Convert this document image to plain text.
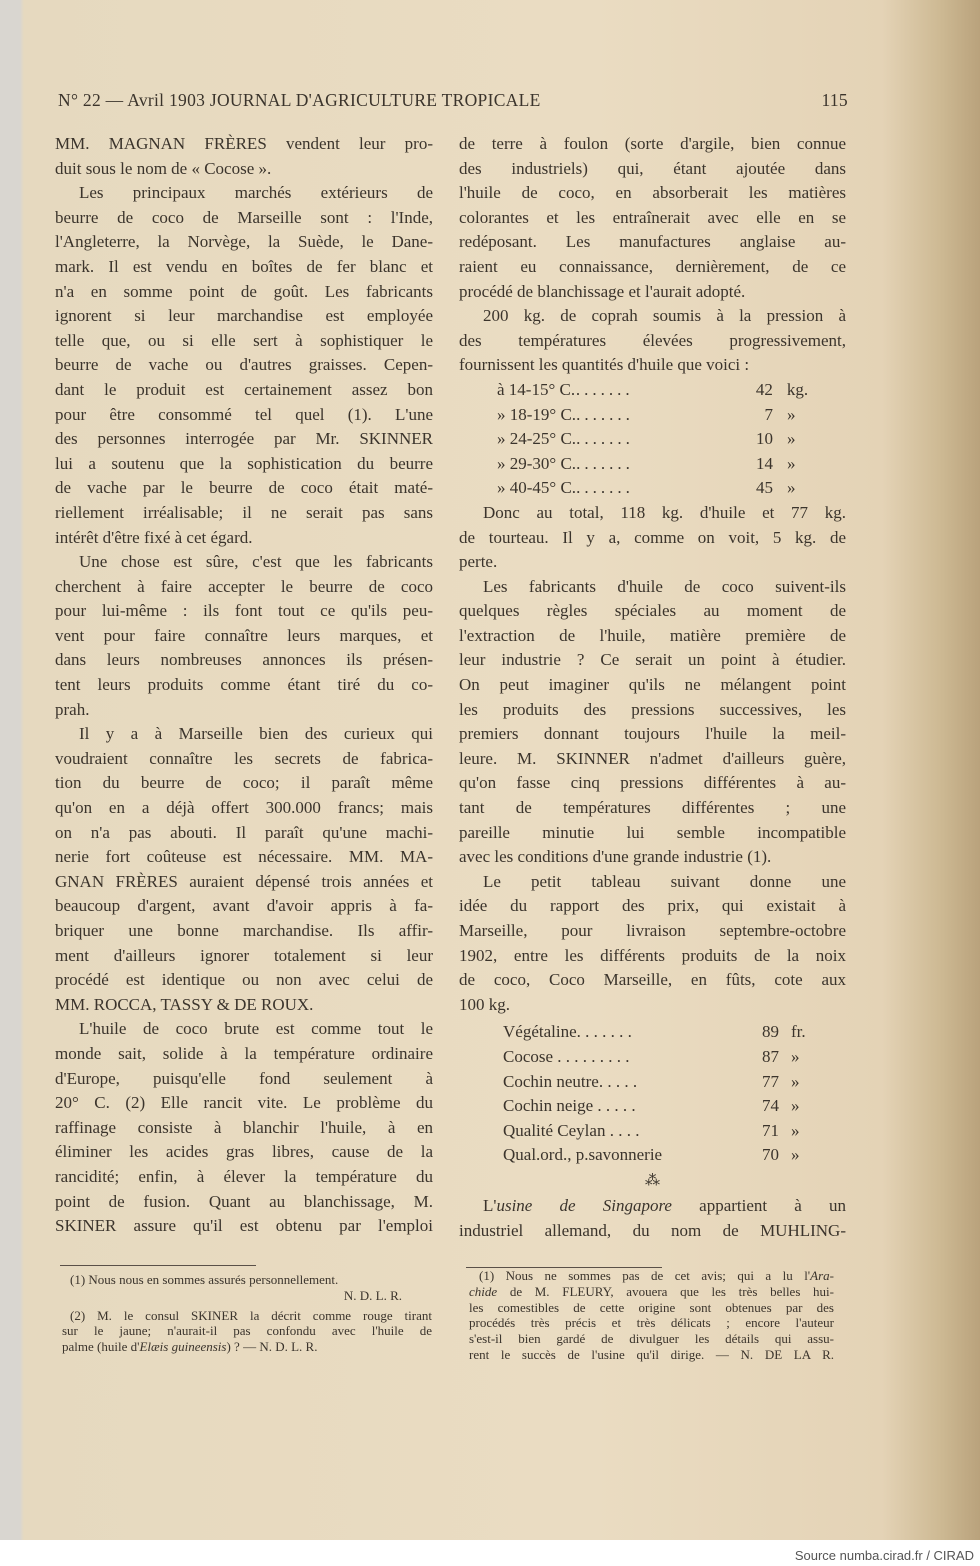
N° 22 — Avril 1903 JOURNAL D'AGRICULTURE TROPICALE	115
MM. MAGNAN FRÈRES vendent leur pro-
duit sous le nom de « Cocose ».
Les principaux marchés extérieurs de
beurre de coco de Marseille sont : l'Inde,
l'Angleterre, la Norvège, la Suède, le Dane-
mark. Il est vendu en boîtes de fer blanc et
n'a en somme point de goût. Les fabricants
ignorent si leur marchandise est employée
telle que, ou si elle sert à sophistiquer le
beurre de vache ou d'autres graisses. Cepen-
dant le produit est certainement assez bon
pour être consommé tel quel (1). L'une
des personnes interrogée par Mr. SKINNER
lui a soutenu que la sophistication du beurre
de vache par le beurre de coco était maté-
riellement irréalisable; il ne serait pas sans
intérêt d'être fixé à cet égard.
Une chose est sûre, c'est que les fabricants
cherchent à faire accepter le beurre de coco
pour lui-même : ils font tout ce qu'ils peu-
vent pour faire connaître leurs marques, et
dans leurs nombreuses annonces ils présen-
tent leurs produits comme étant tiré du co-
prah.
Il y a à Marseille bien des curieux qui
voudraient connaître les secrets de fabrica-
tion du beurre de coco; il paraît même
qu'on en a déjà offert 300.000 francs; mais
on n'a pas abouti. Il paraît qu'une machi-
nerie fort coûteuse est nécessaire. MM. MA-
GNAN FRÈRES auraient dépensé trois années et
beaucoup d'argent, avant d'avoir appris à fa-
briquer une bonne marchandise. Ils affir-
ment d'ailleurs ignorer totalement si leur
procédé est identique ou non avec celui de
MM. ROCCA, TASSY & DE ROUX.
L'huile de coco brute est comme tout le
monde sait, solide à la température ordinaire
d'Europe, puisqu'elle fond seulement à
20° C. (2) Elle rancit vite. Le problème du
raffinage consiste à blanchir l'huile, à en
éliminer les acides gras libres, cause de la
rancidité; enfin, à élever la température du
point de fusion. Quant au blanchissage, M.
SKINER assure qu'il est obtenu par l'emploi
de terre à foulon (sorte d'argile, bien connue
des industriels) qui, étant ajoutée dans
l'huile de coco, en absorberait les matières
colorantes et les entraînerait avec elle en se
redéposant. Les manufactures anglaise au-
raient eu connaissance, dernièrement, de ce
procédé de blanchissage et l'aurait adopté.
200 kg. de coprah soumis à la pression à
des températures élevées progressivement,
fournissent les quantités d'huile que voici :
à 14-15° C. .......	42 kg.
» 18-19° C. .......	7 »
» 24-25° C. .......	10 »
» 29-30° C. .......	14 »
» 40-45° C. .......	45 »
Donc au total, 118 kg. d'huile et 77 kg.
de tourteau. Il y a, comme on voit, 5 kg. de
perte.
Les fabricants d'huile de coco suivent-ils
quelques règles spéciales au moment de
l'extraction de l'huile, matière première de
leur industrie ? Ce serait un point à étudier.
On peut imaginer qu'ils ne mélangent point
les produits des pressions successives, les
premiers donnant toujours l'huile la meil-
leure. M. SKINNER n'admet d'ailleurs guère,
qu'on fasse cinq pressions différentes à au-
tant de températures différentes ; une
pareille minutie lui semble incompatible
avec les conditions d'une grande industrie (1).
Le petit tableau suivant donne une
idée du rapport des prix, qui existait à
Marseille, pour livraison septembre-octobre
1902, entre les différents produits de la noix
de coco, Coco Marseille, en fûts, cote aux
100 kg.
Végétaline. . . . . . .	89 fr.
Cocose . . . . . . . . .	87 »
Cochin neutre. . . . .	77 »
Cochin neige . . . . .	74 »
Qualité Ceylan . . . .	71 »
Qual.ord., p.savonnerie	70 »
⁂
L'usine de Singapore appartient à un
industriel allemand, du nom de MUHLING-
(1) Nous nous en sommes assurés personnellement.
N. D. L. R.
(2) M. le consul SKINER la décrit comme rouge tirant
sur le jaune; n'aurait-il pas confondu avec l'huile de
palme (huile d'Elæis guineensis) ? — N. D. L. R.
(1) Nous ne sommes pas de cet avis; qui a lu l'Ara-
chide de M. FLEURY, avouera que les très belles hui-
les comestibles de cette origine sont obtenues par des
procédés très précis et très délicats ; encore l'auteur
s'est-il bien gardé de divulguer les détails qui assu-
rent le succès de l'usine qu'il dirige. — N. DE LA R.
Source numba.cirad.fr / CIRAD
